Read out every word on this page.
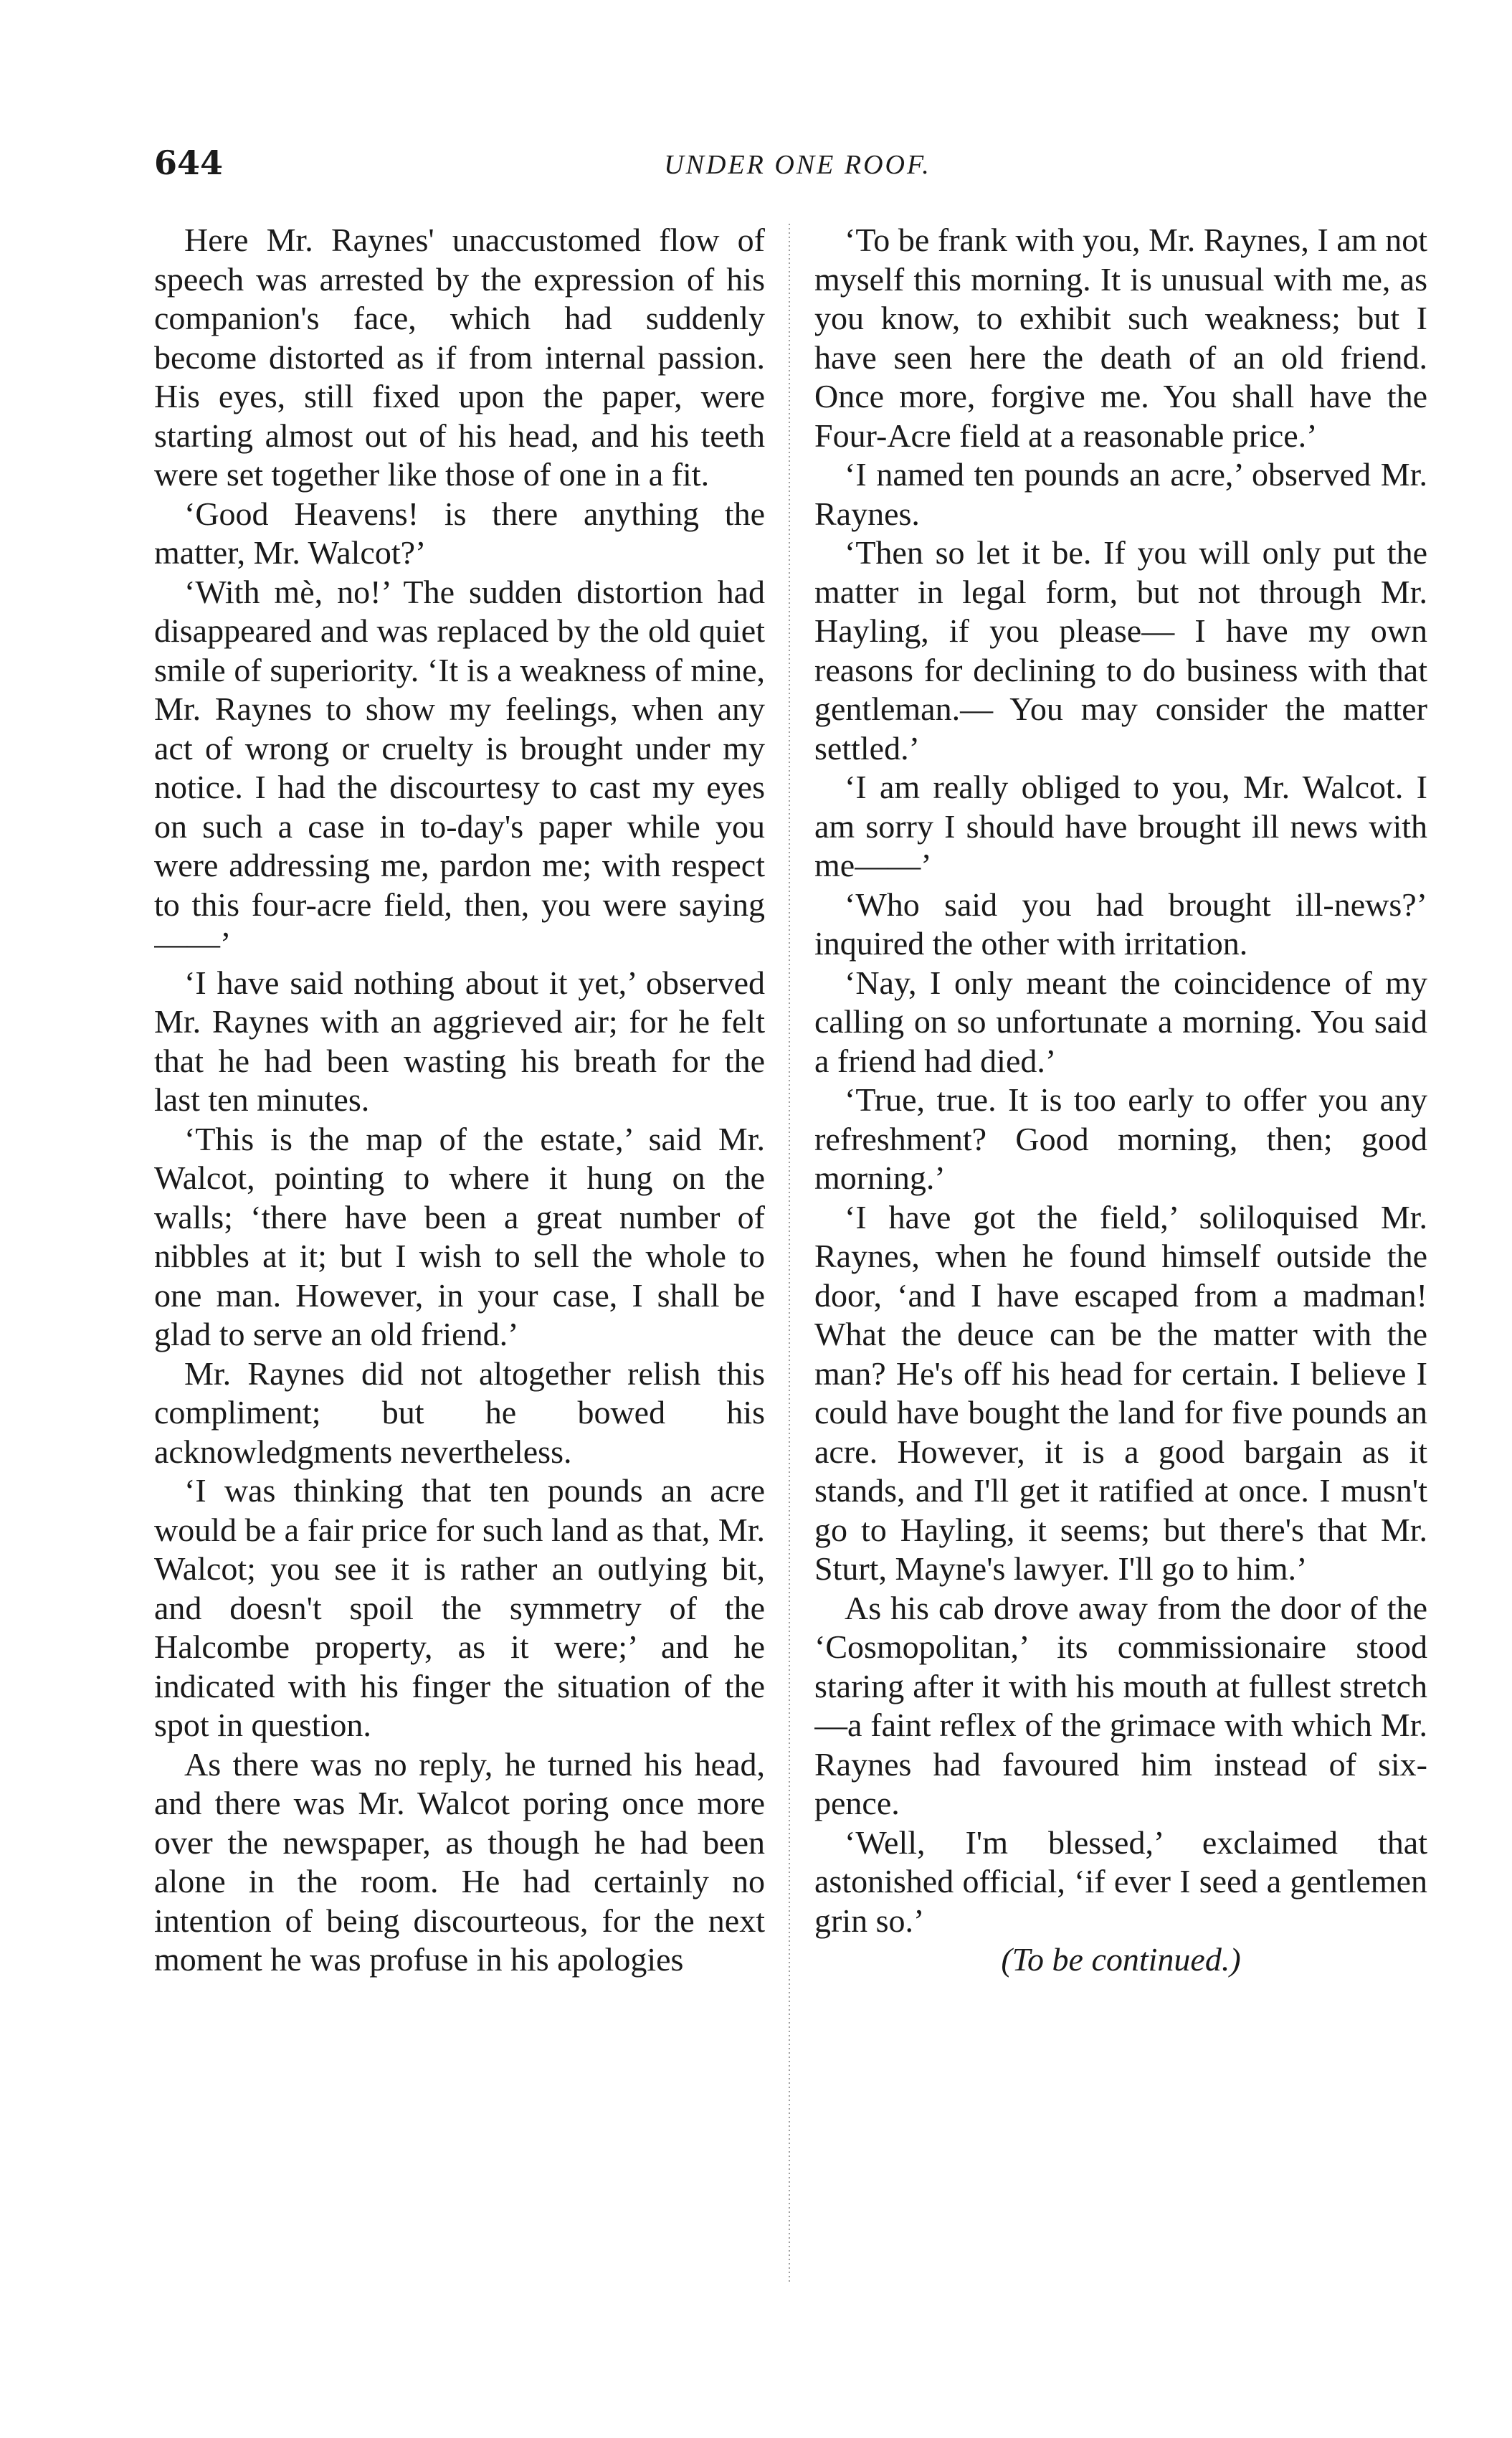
644	UNDER ONE ROOF.

Here Mr. Raynes' unaccustomed flow of speech was arrested by the expression of his companion's face, which had suddenly become distorted as if from internal passion. His eyes, still fixed upon the paper, were starting almost out of his head, and his teeth were set together like those of one in a fit.

‘Good Heavens! is there anything the matter, Mr. Walcot?’

‘With mè, no!’ The sudden distortion had disappeared and was replaced by the old quiet smile of superiority. ‘It is a weakness of mine, Mr. Raynes to show my feelings, when any act of wrong or cruelty is brought under my notice. I had the discourtesy to cast my eyes on such a case in to-day's paper while you were addressing me, pardon me; with respect to this four-acre field, then, you were saying——’

‘I have said nothing about it yet,’ observed Mr. Raynes with an aggrieved air; for he felt that he had been wasting his breath for the last ten minutes.

‘This is the map of the estate,’ said Mr. Walcot, pointing to where it hung on the walls; ‘there have been a great number of nibbles at it; but I wish to sell the whole to one man. However, in your case, I shall be glad to serve an old friend.’

Mr. Raynes did not altogether relish this compliment; but he bowed his acknowledgments nevertheless.

‘I was thinking that ten pounds an acre would be a fair price for such land as that, Mr. Walcot; you see it is rather an outlying bit, and doesn't spoil the symmetry of the Halcombe property, as it were;’ and he indicated with his finger the situation of the spot in question.

As there was no reply, he turned his head, and there was Mr. Walcot poring once more over the newspaper, as though he had been alone in the room. He had certainly no intention of being discourteous, for the next moment he was profuse in his apologies

‘To be frank with you, Mr. Raynes, I am not myself this morning. It is unusual with me, as you know, to exhibit such weakness; but I have seen here the death of an old friend. Once more, forgive me. You shall have the Four-Acre field at a reasonable price.’

‘I named ten pounds an acre,’ observed Mr. Raynes.

‘Then so let it be. If you will only put the matter in legal form, but not through Mr. Hayling, if you please— I have my own reasons for declining to do business with that gentleman.— You may consider the matter settled.’

‘I am really obliged to you, Mr. Walcot. I am sorry I should have brought ill news with me——’

‘Who said you had brought ill-news?’ inquired the other with irritation.

‘Nay, I only meant the coincidence of my calling on so unfortunate a morning. You said a friend had died.’

‘True, true. It is too early to offer you any refreshment? Good morning, then; good morning.’

‘I have got the field,’ soliloquised Mr. Raynes, when he found himself outside the door, ‘and I have escaped from a madman! What the deuce can be the matter with the man? He's off his head for certain. I believe I could have bought the land for five pounds an acre. However, it is a good bargain as it stands, and I'll get it ratified at once. I musn't go to Hayling, it seems; but there's that Mr. Sturt, Mayne's lawyer. I'll go to him.’

As his cab drove away from the door of the ‘Cosmopolitan,’ its commissionaire stood staring after it with his mouth at fullest stretch—a faint reflex of the grimace with which Mr. Raynes had favoured him instead of six-pence.

‘Well, I'm blessed,’ exclaimed that astonished official, ‘if ever I seed a gentlemen grin so.’

(To be continued.)
